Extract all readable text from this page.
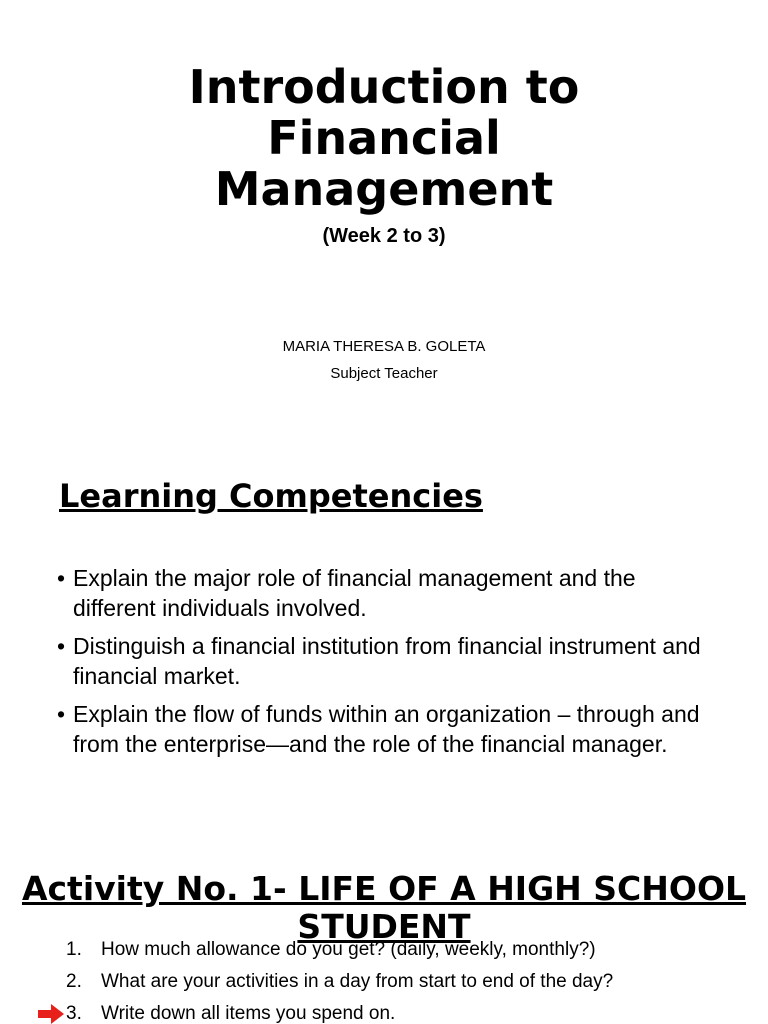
Introduction to
Financial
Management
(Week 2 to 3)
MARIA THERESA B. GOLETA
Subject Teacher
Learning Competencies
• Explain the major role of financial management and the different individuals involved.
• Distinguish a financial institution from financial instrument and financial market.
• Explain the flow of funds within an organization – through and from the enterprise—and the role of the financial manager.
Activity No. 1- LIFE OF A HIGH SCHOOL STUDENT
1. How much allowance do you get? (daily, weekly, monthly?)
2. What are your activities in a day from start to end of the day?
3. Write down all items you spend on.
